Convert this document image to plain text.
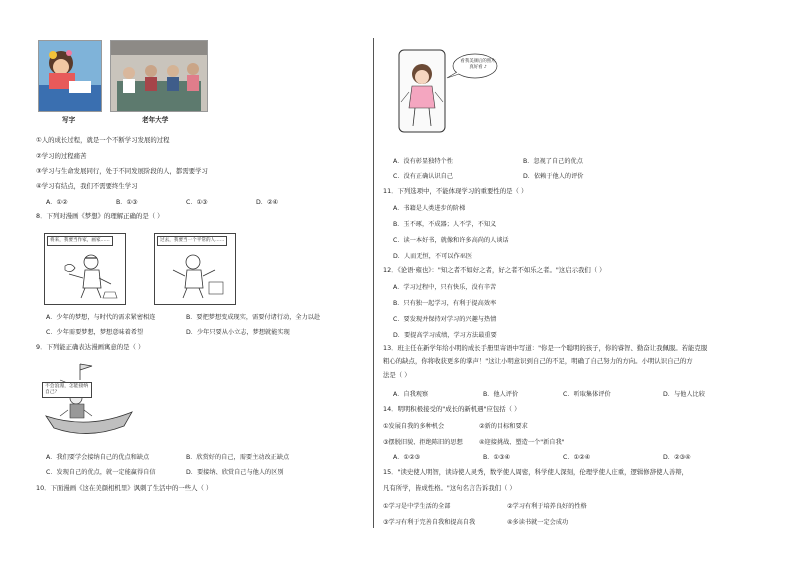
写字	老年大学
①人的成长过程，就是一个不断学习发展的过程
②学习的过程痛苦
③学习与生命发展同行，处于不同发展阶段的人，都需要学习
④学习有结点，我们不需要终生学习
A．①②	B．①③	C．①③	D．②④
8．下列对漫画《梦想》的理解正确的是（ ）
将来，我要当作家，画家……	过去，我要当一个平常的人……
A．少年的梦想，与时代的需求紧密相连	B．要把梦想变成现实，需要付诸行动，全力以赴
C．少年需要梦想，梦想意味着希望	D．少年只要从小立志，梦想就能实现
9．下列能正确表达漫画寓意的是（ ）
不会浪漫，怎能接纳自己？
A．我们要学会接纳自己的优点和缺点	B．欣赏好的自己，需要主动改正缺点
C．发现自己的优点，就一定能赢得自信	D．要接纳、欣赏自己与他人的区别
10．下面漫画《这在美颜相机里》讽刺了生活中的一些人（ ）
看我美颜后的照片 真好看 ♪
A．没有彰显独特个性	B．忽视了自己的优点
C．没有正确认识自己	D．依赖于他人的评价
11．下列选项中，不能体现学习的重要性的是（ ）
A．书籍是人类进步的阶梯
B．玉不琢，不成器；人不学，不知义
C．读一本好书，就像和许多高尚的人谈话
D．人而无恒，不可以作巫医
12．《论语·雍也》："知之者不如好之者，好之者不如乐之者。"这启示我们（ ）
A．学习过程中，只有快乐，没有辛苦
B．只有独一起学习，有利于提高效率
C．要发现并保持对学习的兴趣与热情
D．要提高学习成绩，学习方法最重要
13．班主任在新学年给小明的成长手册里寄语中写道："你是一个聪明的孩子，你的睿智、勤奋让我佩服。若能克服
粗心的缺点，你将收获更多的掌声！"这让小明意识到自己的不足，明确了自己努力的方向。小明认识自己的方
法是（ ）
A．自我观察	B．他人评价	C．听取集体评价	D．与他人比较
14．明明积极接受的"成长的新机遇"应包括（ ）
①发展自我的多种机会	②新的目标和要求
③摆脱旧貌、拒绝陈旧的思想	④迎接挑战、塑造一个"新自我"
A．①②③	B．①③④	C．①②④	D．②③④
15．"读史使人明智，读诗使人灵秀，数学使人周密，科学使人深刻，伦理学使人庄重，逻辑修辞使人善辩，
凡有所学，皆成性格。"这句名言告诉我们（ ）
①学习是中学生活的全部	②学习有利于培养良好的性格
③学习有利于完善自我和提高自我	④多读书就一定会成功
